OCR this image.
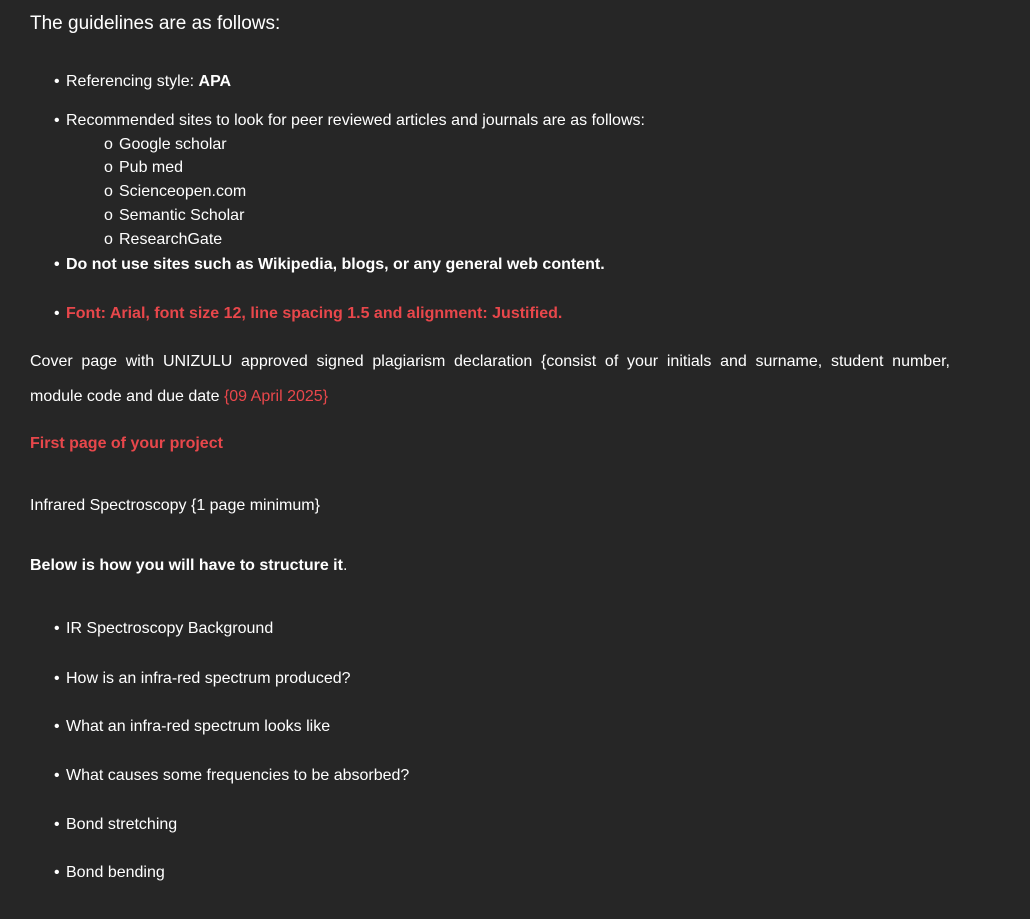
The guidelines are as follows:
• Referencing style: APA
• Recommended sites to look for peer reviewed articles and journals are as follows:
o Google scholar
o Pub med
o Scienceopen.com
o Semantic Scholar
o ResearchGate
• Do not use sites such as Wikipedia, blogs, or any general web content.
• Font: Arial, font size 12, line spacing 1.5 and alignment: Justified.
Cover page with UNIZULU approved signed plagiarism declaration {consist of your initials and surname, student number,
module code and due date {09 April 2025}
First page of your project
Infrared Spectroscopy {1 page minimum}
Below is how you will have to structure it.
• IR Spectroscopy Background
• How is an infra-red spectrum produced?
• What an infra-red spectrum looks like
• What causes some frequencies to be absorbed?
• Bond stretching
• Bond bending
